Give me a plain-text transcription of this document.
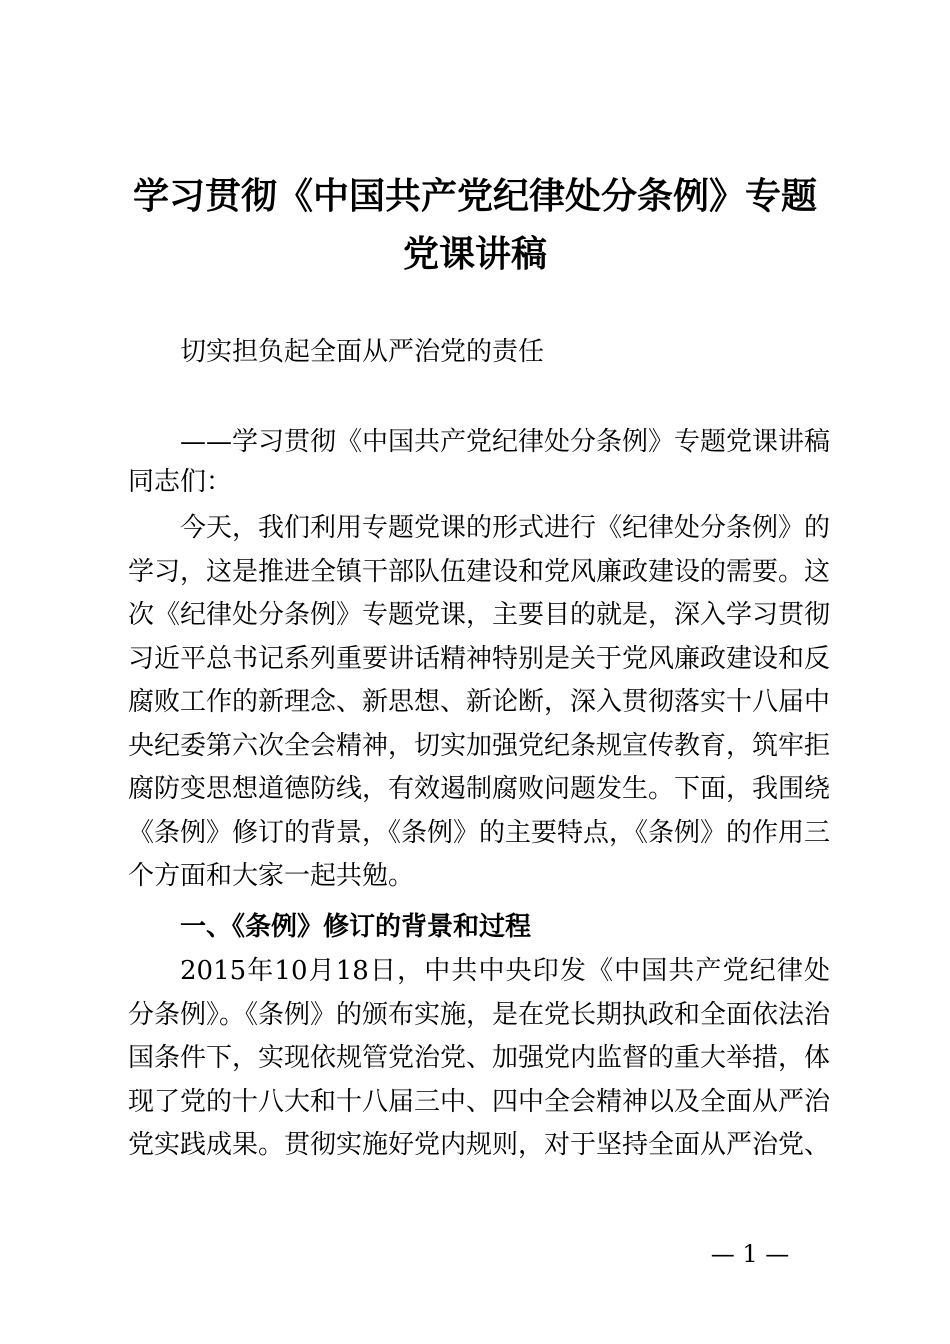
学习贯彻《中国共产党纪律处分条例》专题党课讲稿

切实担负起全面从严治党的责任

——学习贯彻《中国共产党纪律处分条例》专题党课讲稿

同志们：

今天，我们利用专题党课的形式进行《纪律处分条例》的学习，这是推进全镇干部队伍建设和党风廉政建设的需要。这次《纪律处分条例》专题党课，主要目的就是，深入学习贯彻习近平总书记系列重要讲话精神特别是关于党风廉政建设和反腐败工作的新理念、新思想、新论断，深入贯彻落实十八届中央纪委第六次全会精神，切实加强党纪条规宣传教育，筑牢拒腐防变思想道德防线，有效遏制腐败问题发生。下面，我围绕《条例》修订的背景，《条例》的主要特点，《条例》的作用三个方面和大家一起共勉。

一、《条例》修订的背景和过程

2015年10月18日，中共中央印发《中国共产党纪律处分条例》。《条例》的颁布实施，是在党长期执政和全面依法治国条件下，实现依规管党治党、加强党内监督的重大举措，体现了党的十八大和十八届三中、四中全会精神以及全面从严治党实践成果。贯彻实施好党内规则，对于坚持全面从严治党、

— 1 —
